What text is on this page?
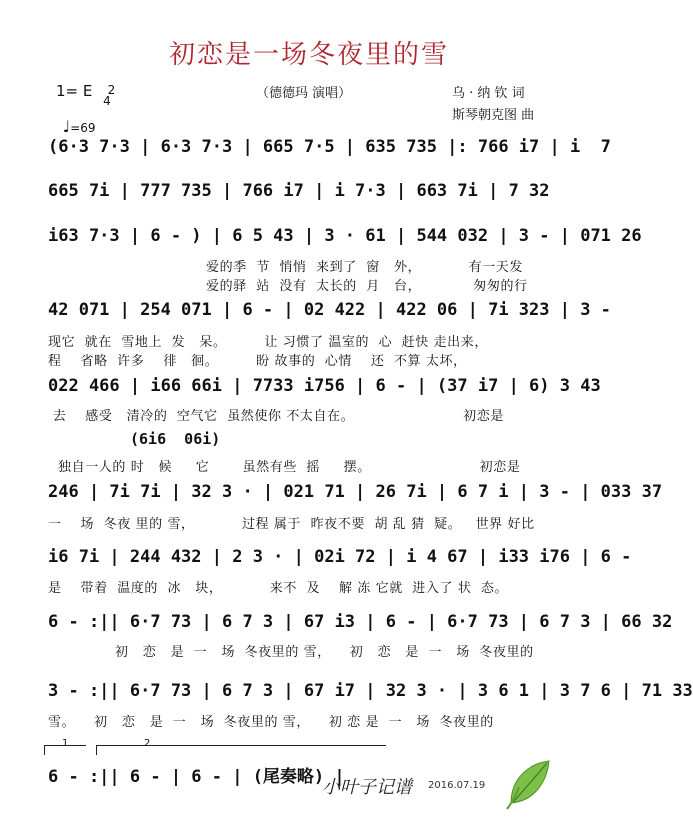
初恋是一场冬夜里的雪
1= E	2
4

♩=69

（德德玛 演唱）	乌 · 纳 钦 词
斯琴朝克图 曲
(6·3 7·3 | 6·3 7·3 | 665 7·5 | 635 735 |: 766 i7 | i  7
665 7i | 777 735 | 766 i7 | i 7·3 | 663 7i | 7 32
i63 7·3 | 6 - ) | 6 5 43 | 3 · 61 | 544 032 | 3 - | 071 26
爱的季  节  悄悄  来到了  窗   外，          有一天发
爱的驿  站  没有  太长的  月   台，           匆匆的行
42 071 | 254 071 | 6 - | 02 422 | 422 06 | 7i 323 | 3 -
现它  就在  雪地上  发   呆。        让 习惯了 温室的  心  赶快 走出来，
程    省略  许多    徘   徊。        盼 故事的  心情    还  不算 太坏，
022 466 | i66 66i | 7733 i756 | 6 - | (37 i7 | 6) 3 43
去    感受   清冷的  空气它  虽然使你 不太自在。                       初恋是
(6i6  06i)
独自一人的 时   候     它       虽然有些  摇     摆。                       初恋是
246 | 7i 7i | 32 3 · | 021 71 | 26 7i | 6 7 i | 3 - | 033 37
一    场  冬夜 里的 雪，          过程 属于  昨夜不要  胡 乱 猜  疑。   世界 好比
i6 7i | 244 432 | 2 3 · | 02i 72 | i 4 67 | i33 i76 | 6 -
是    带着  温度的  冰   块，          来不  及    解 冻 它就  进入了 状  态。
6 - :|| 6·7 73 | 6 7 3 | 67 i3 | 6 - | 6·7 73 | 6 7 3 | 66 32
初   恋   是  一   场  冬夜里的 雪，    初   恋   是  一   场  冬夜里的
3 - :|| 6·7 73 | 6 7 3 | 67 i7 | 32 3 · | 3 6 1 | 3 7 6 | 71 33
雪。    初   恋   是  一   场  冬夜里的 雪，    初 恋 是  一   场  冬夜里的
1	2
6 - :|| 6 - | 6 - | (尾奏略) |
小叶子记谱 2016.07.19
